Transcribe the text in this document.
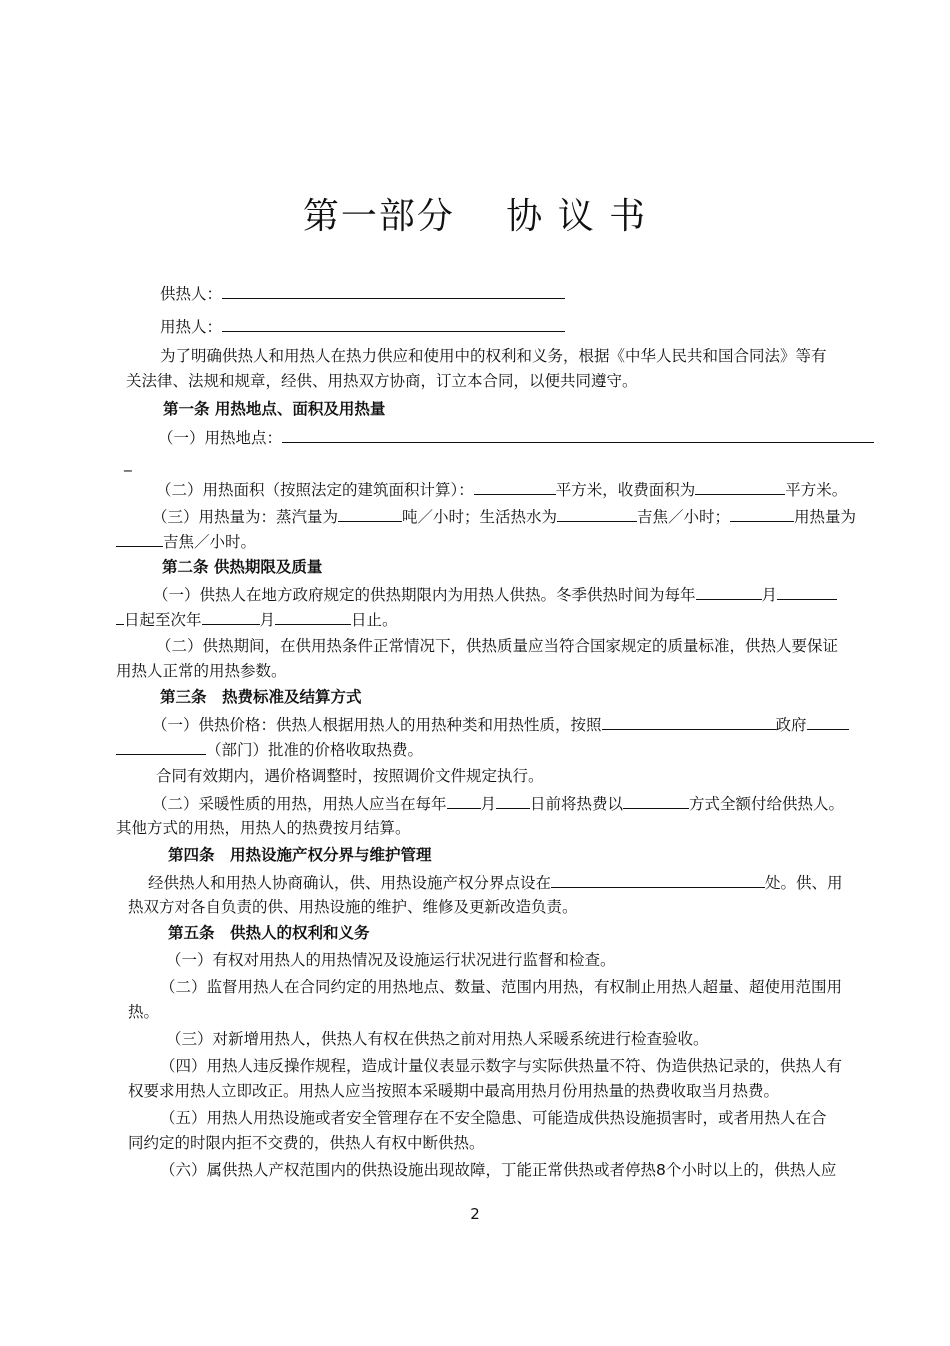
第一部分　 协 议 书
供热人：
用热人：
为了明确供热人和用热人在热力供应和使用中的权利和义务，根据《中华人民共和国合同法》等有
关法律、法规和规章，经供、用热双方协商，订立本合同，以便共同遵守。
第一条 用热地点、面积及用热量
（一）用热地点：
_
（二）用热面积（按照法定的建筑面积计算）：	平方米，收费面积为	平方米。
（三）用热量为：蒸汽量为	吨／小时；生活热水为	吉焦／小时；	用热量为
吉焦／小时。
第二条 供热期限及质量
（一）供热人在地方政府规定的供热期限内为用热人供热。冬季供热时间为每年	月
日起至次年	月	日止。
（二）供热期间，在供用热条件正常情况下，供热质量应当符合国家规定的质量标准，供热人要保证
用热人正常的用热参数。
第三条　热费标准及结算方式
（一）供热价格：供热人根据用热人的用热种类和用热性质，按照	政府
（部门）批准的价格收取热费。
合同有效期内，遇价格调整时，按照调价文件规定执行。
（二）采暖性质的用热，用热人应当在每年 月 日前将热费以	方式全额付给供热人。
其他方式的用热，用热人的热费按月结算。
第四条　用热设施产权分界与维护管理
经供热人和用热人协商确认，供、用热设施产权分界点设在	处。供、用
热双方对各自负责的供、用热设施的维护、维修及更新改造负责。
第五条　供热人的权利和义务
（一）有权对用热人的用热情况及设施运行状况进行监督和检查。
（二）监督用热人在合同约定的用热地点、数量、范围内用热，有权制止用热人超量、超使用范围用
热。
（三）对新增用热人，供热人有权在供热之前对用热人采暖系统进行检查验收。
（四）用热人违反操作规程，造成计量仪表显示数字与实际供热量不符、伪造供热记录的，供热人有
权要求用热人立即改正。用热人应当按照本采暖期中最高用热月份用热量的热费收取当月热费。
（五）用热人用热设施或者安全管理存在不安全隐患、可能造成供热设施损害时，或者用热人在合
同约定的时限内拒不交费的，供热人有权中断供热。
（六）属供热人产权范围内的供热设施出现故障，丁能正常供热或者停热8个小时以上的，供热人应
2
